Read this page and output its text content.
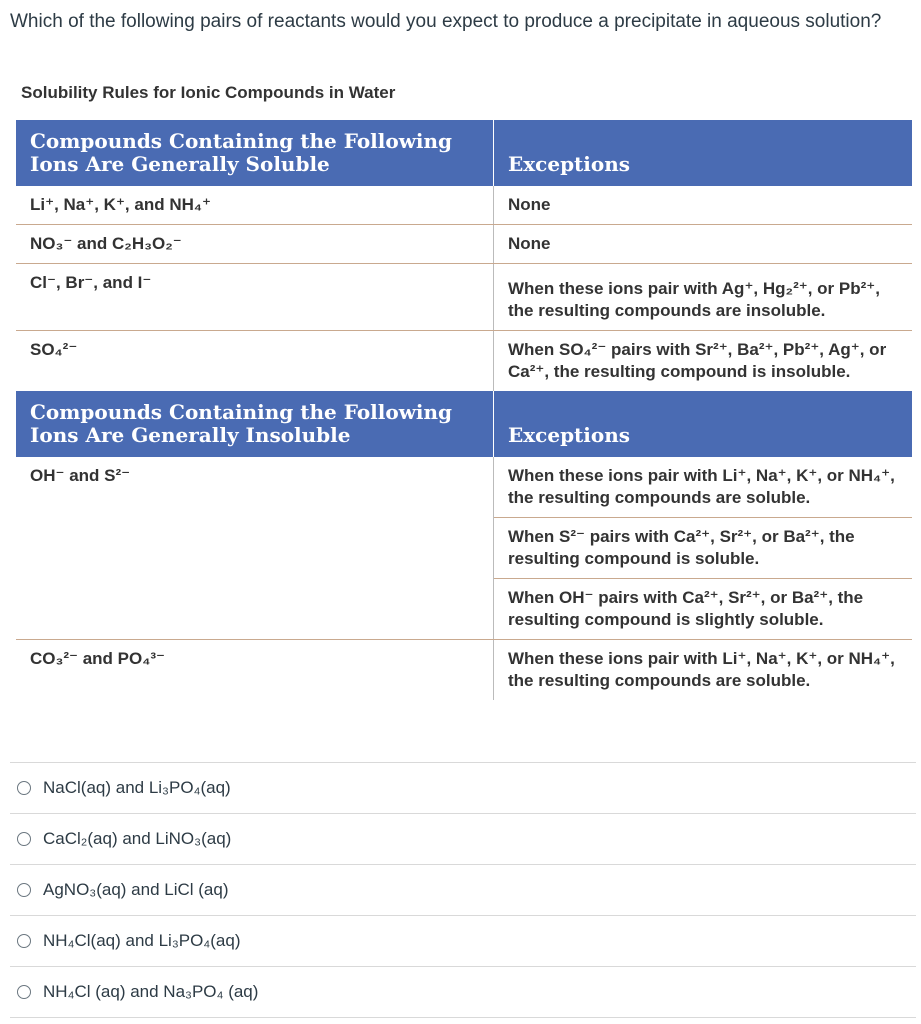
Which of the following pairs of reactants would you expect to produce a precipitate in aqueous solution?
Solubility Rules for Ionic Compounds in Water
Compounds Containing the Following Ions Are Generally Soluble	Exceptions
Li⁺, Na⁺, K⁺, and NH₄⁺	None
NO₃⁻ and C₂H₃O₂⁻	None
Cl⁻, Br⁻, and I⁻	When these ions pair with Ag⁺, Hg₂²⁺, or Pb²⁺, the resulting compounds are insoluble.
SO₄²⁻	When SO₄²⁻ pairs with Sr²⁺, Ba²⁺, Pb²⁺, Ag⁺, or Ca²⁺, the resulting compound is insoluble.
Compounds Containing the Following Ions Are Generally Insoluble	Exceptions
OH⁻ and S²⁻	When these ions pair with Li⁺, Na⁺, K⁺, or NH₄⁺, the resulting compounds are soluble.
	When S²⁻ pairs with Ca²⁺, Sr²⁺, or Ba²⁺, the resulting compound is soluble.
	When OH⁻ pairs with Ca²⁺, Sr²⁺, or Ba²⁺, the resulting compound is slightly soluble.
CO₃²⁻ and PO₄³⁻	When these ions pair with Li⁺, Na⁺, K⁺, or NH₄⁺, the resulting compounds are soluble.
NaCl(aq) and Li₃PO₄(aq)
CaCl₂(aq) and LiNO₃(aq)
AgNO₃(aq) and LiCl (aq)
NH₄Cl(aq) and Li₃PO₄(aq)
NH₄Cl (aq) and Na₃PO₄ (aq)
